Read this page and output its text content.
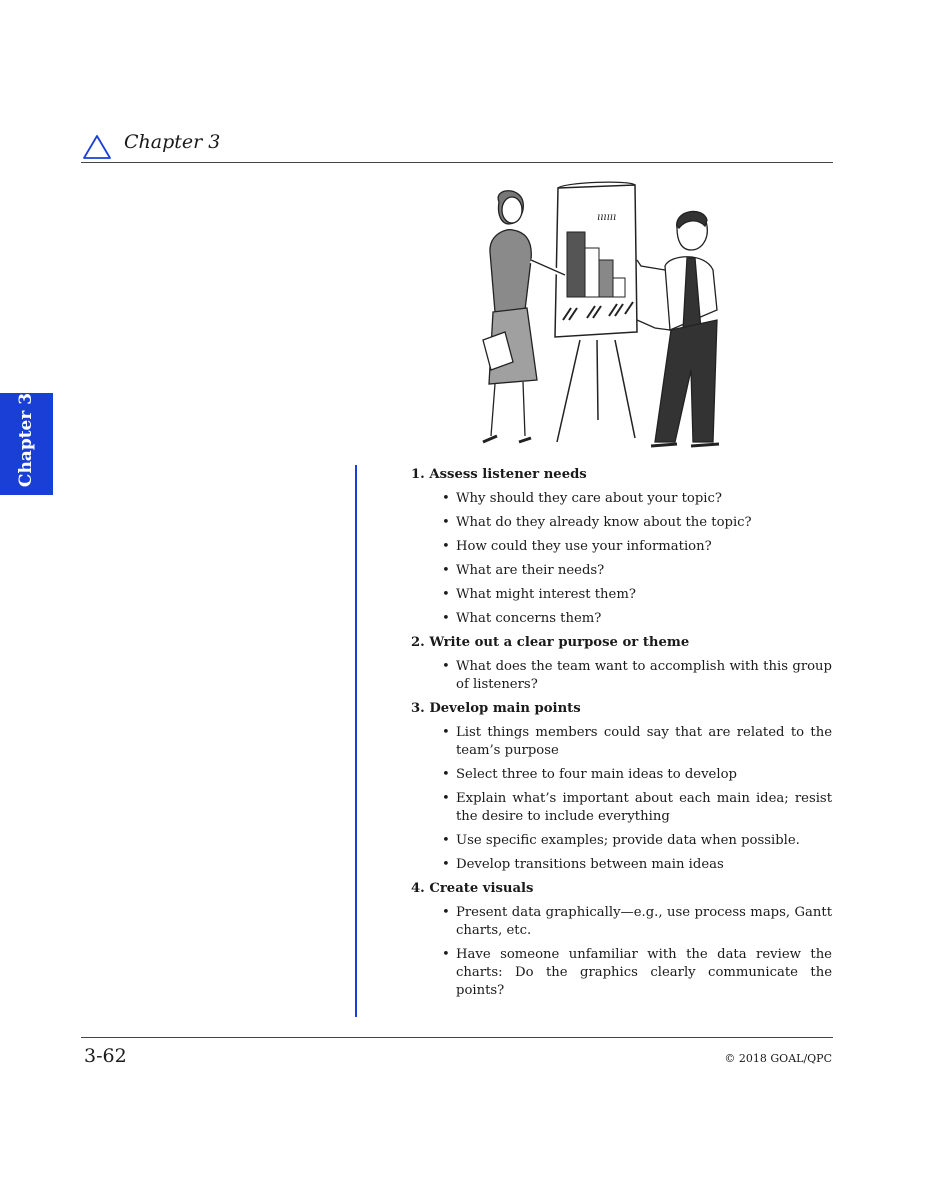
Chapter 3
Chapter 3
ıııııı
1. Assess listener needs
• Why should they care about your topic?
• What do they already know about the topic?
• How could they use your information?
• What are their needs?
• What might interest them?
• What concerns them?
2. Write out a clear purpose or theme
• What does the team want to accomplish with this group of listeners?
3. Develop main points
• List things members could say that are related to the team’s purpose
• Select three to four main ideas to develop
• Explain what’s important about each main idea; resist the desire to include everything
• Use specific examples; provide data when possible.
• Develop transitions between main ideas
4. Create visuals
• Present data graphically—e.g., use process maps, Gantt charts, etc.
• Have someone unfamiliar with the data review the charts: Do the graphics clearly communicate the points?
3-62	© 2018 GOAL/QPC
